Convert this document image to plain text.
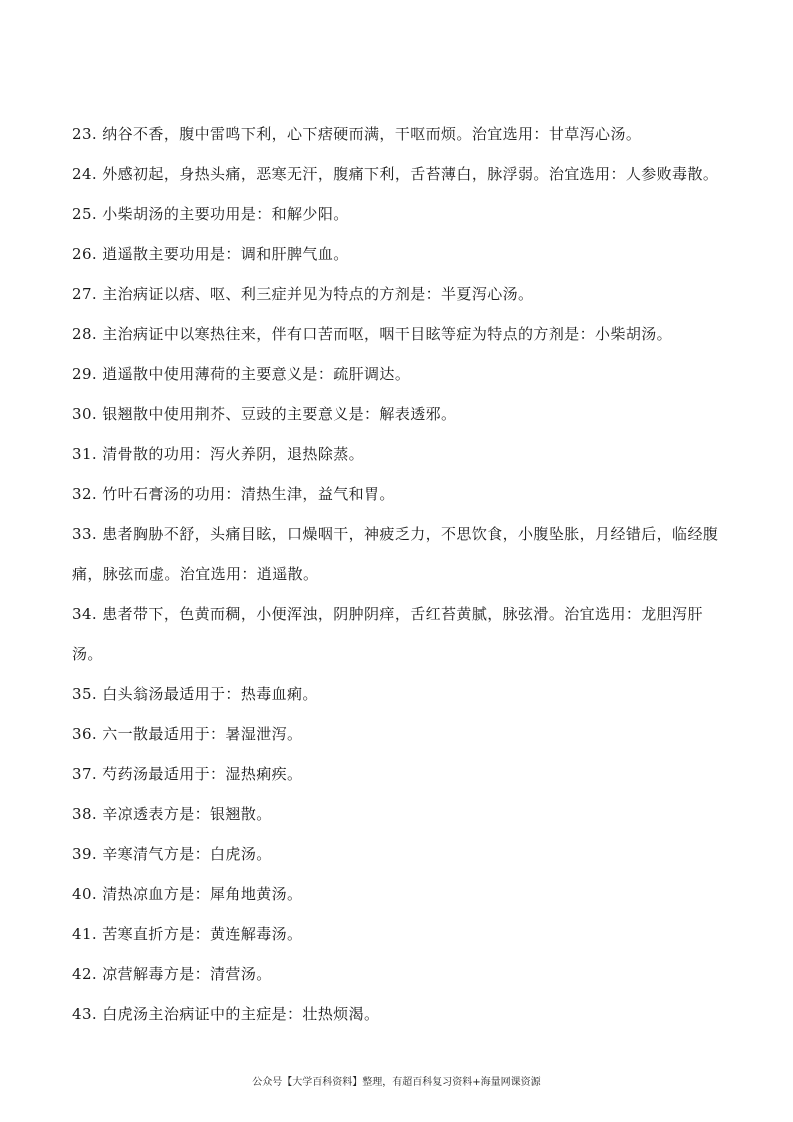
23. 纳谷不香，腹中雷鸣下利，心下痞硬而满，干呕而烦。治宜选用：甘草泻心汤。

24. 外感初起，身热头痛，恶寒无汗，腹痛下利，舌苔薄白，脉浮弱。治宜选用：人参败毒散。

25. 小柴胡汤的主要功用是：和解少阳。

26. 逍遥散主要功用是：调和肝脾气血。

27. 主治病证以痞、呕、利三症并见为特点的方剂是：半夏泻心汤。

28. 主治病证中以寒热往来，伴有口苦而呕，咽干目眩等症为特点的方剂是：小柴胡汤。

29. 逍遥散中使用薄荷的主要意义是：疏肝调达。

30. 银翘散中使用荆芥、豆豉的主要意义是：解表透邪。

31. 清骨散的功用：泻火养阴，退热除蒸。

32. 竹叶石膏汤的功用：清热生津，益气和胃。

33. 患者胸胁不舒，头痛目眩，口燥咽干，神疲乏力，不思饮食，小腹坠胀，月经错后，临经腹痛，脉弦而虚。治宜选用：逍遥散。

34. 患者带下，色黄而稠，小便浑浊，阴肿阴痒，舌红苔黄腻，脉弦滑。治宜选用：龙胆泻肝汤。

35. 白头翁汤最适用于：热毒血痢。

36. 六一散最适用于：暑湿泄泻。

37. 芍药汤最适用于：湿热痢疾。

38. 辛凉透表方是：银翘散。

39. 辛寒清气方是：白虎汤。

40. 清热凉血方是：犀角地黄汤。

41. 苦寒直折方是：黄连解毒汤。

42. 凉营解毒方是：清营汤。

43. 白虎汤主治病证中的主症是：壮热烦渴。

公众号【大学百科资料】整理，有超百科复习资料+海量网课资源
